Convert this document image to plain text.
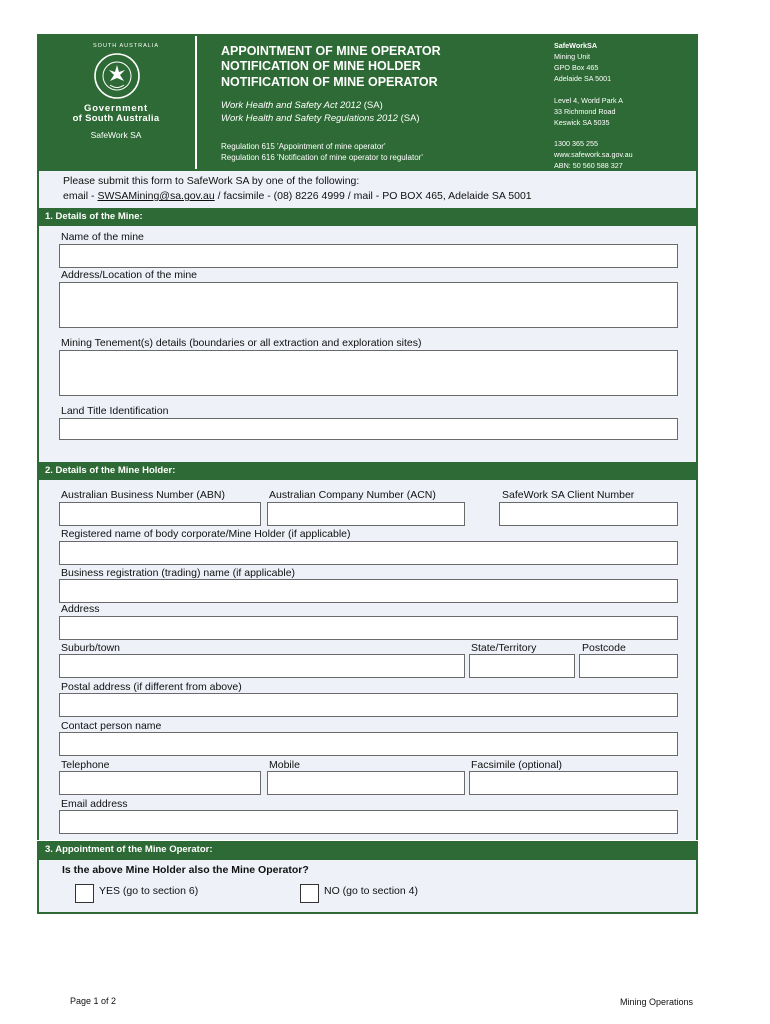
SOUTH AUSTRALIA
Government
of South Australia
SafeWork SA
APPOINTMENT OF MINE OPERATOR
NOTIFICATION OF MINE HOLDER
NOTIFICATION OF MINE OPERATOR
Work Health and Safety Act 2012 (SA)
Work Health and Safety Regulations 2012 (SA)
Regulation 615 'Appointment of mine operator'
Regulation 616 'Notification of mine operator to regulator'
SafeWorkSA
Mining Unit
GPO Box 465
Adelaide SA 5001
Level 4, World Park A
33 Richmond Road
Keswick SA 5035
1300 365 255
www.safework.sa.gov.au
ABN: 50 560 588 327
Please submit this form to SafeWork SA by one of the following:
email - SWSAMining@sa.gov.au / facsimile - (08) 8226 4999 / mail - PO BOX 465, Adelaide SA 5001
1. Details of the Mine:
Name of the mine
Address/Location of the mine
Mining Tenement(s) details (boundaries or all extraction and exploration sites)
Land Title Identification
2. Details of the Mine Holder:
Australian Business Number (ABN)	Australian Company Number (ACN)	SafeWork SA Client Number
Registered name of body corporate/Mine Holder (if applicable)
Business registration (trading) name (if applicable)
Address
Suburb/town	State/Territory	Postcode
Postal address (if different from above)
Contact person name
Telephone	Mobile	Facsimile (optional)
Email address
3. Appointment of the Mine Operator:
Is the above Mine Holder also the Mine Operator?
YES (go to section 6)	NO (go to section 4)
Page 1 of 2	Mining Operations
